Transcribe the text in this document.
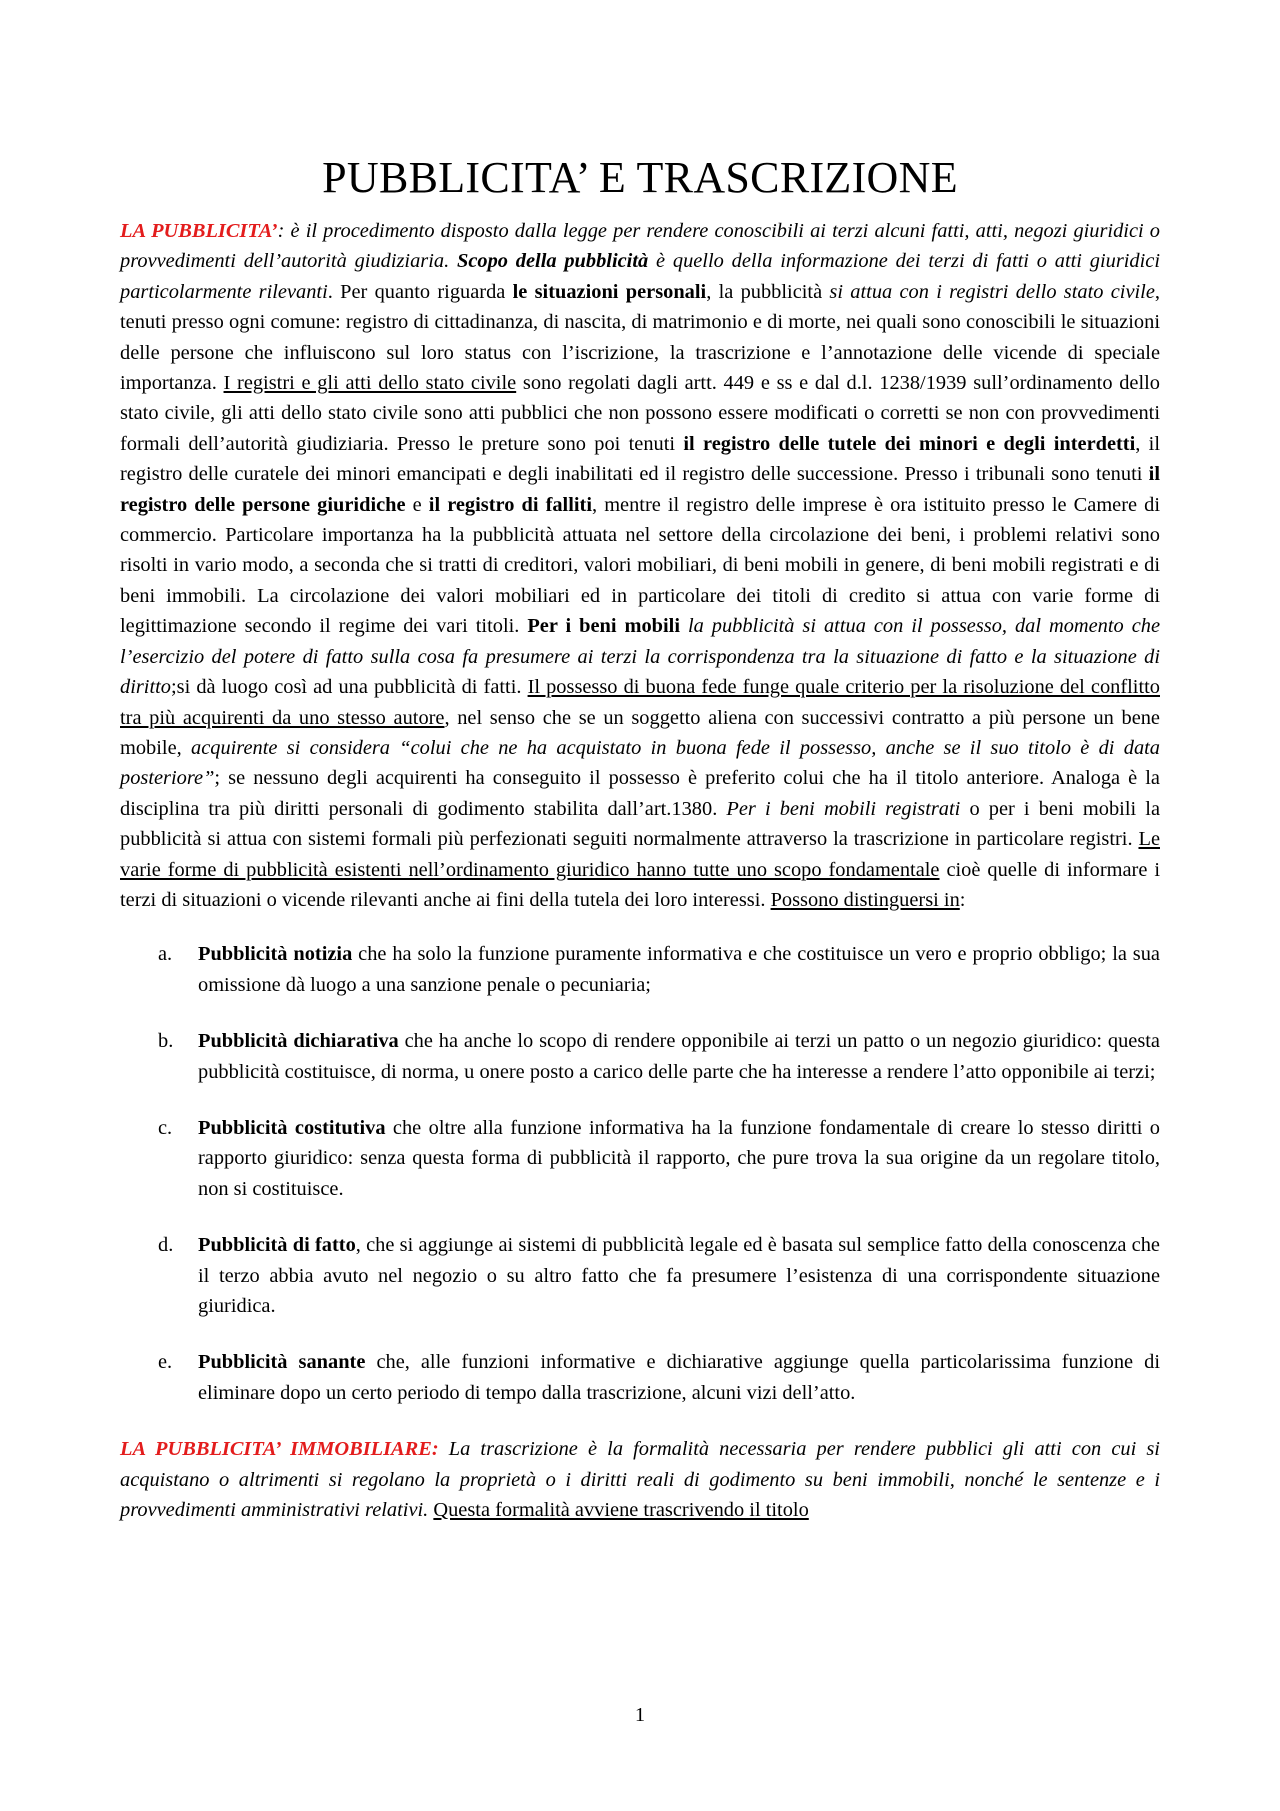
PUBBLICITA’ E TRASCRIZIONE

LA PUBBLICITA’: è il procedimento disposto dalla legge per rendere conoscibili ai terzi alcuni fatti, atti, negozi giuridici o provvedimenti dell’autorità giudiziaria. Scopo della pubblicità è quello della informazione dei terzi di fatti o atti giuridici particolarmente rilevanti. Per quanto riguarda le situazioni personali, la pubblicità si attua con i registri dello stato civile, tenuti presso ogni comune: registro di cittadinanza, di nascita, di matrimonio e di morte, nei quali sono conoscibili le situazioni delle persone che influiscono sul loro status con l’iscrizione, la trascrizione e l’annotazione delle vicende di speciale importanza. I registri e gli atti dello stato civile sono regolati dagli artt. 449 e ss e dal d.l. 1238/1939 sull’ordinamento dello stato civile, gli atti dello stato civile sono atti pubblici che non possono essere modificati o corretti se non con provvedimenti formali dell’autorità giudiziaria. Presso le preture sono poi tenuti il registro delle tutele dei minori e degli interdetti, il registro delle curatele dei minori emancipati e degli inabilitati ed il registro delle successione. Presso i tribunali sono tenuti il registro delle persone giuridiche e il registro di falliti, mentre il registro delle imprese è ora istituito presso le Camere di commercio. Particolare importanza ha la pubblicità attuata nel settore della circolazione dei beni, i problemi relativi sono risolti in vario modo, a seconda che si tratti di creditori, valori mobiliari, di beni mobili in genere, di beni mobili registrati e di beni immobili. La circolazione dei valori mobiliari ed in particolare dei titoli di credito si attua con varie forme di legittimazione secondo il regime dei vari titoli. Per i beni mobili la pubblicità si attua con il possesso, dal momento che l’esercizio del potere di fatto sulla cosa fa presumere ai terzi la corrispondenza tra la situazione di fatto e la situazione di diritto;si dà luogo così ad una pubblicità di fatti. Il possesso di buona fede funge quale criterio per la risoluzione del conflitto tra più acquirenti da uno stesso autore, nel senso che se un soggetto aliena con successivi contratto a più persone un bene mobile, acquirente si considera “colui che ne ha acquistato in buona fede il possesso, anche se il suo titolo è di data posteriore”; se nessuno degli acquirenti ha conseguito il possesso è preferito colui che ha il titolo anteriore. Analoga è la disciplina tra più diritti personali di godimento stabilita dall’art.1380. Per i beni mobili registrati o per i beni mobili la pubblicità si attua con sistemi formali più perfezionati seguiti normalmente attraverso la trascrizione in particolare registri. Le varie forme di pubblicità esistenti nell’ordinamento giuridico hanno tutte uno scopo fondamentale cioè quelle di informare i terzi di situazioni o vicende rilevanti anche ai fini della tutela dei loro interessi. Possono distinguersi in:

a. Pubblicità notizia che ha solo la funzione puramente informativa e che costituisce un vero e proprio obbligo; la sua omissione dà luogo a una sanzione penale o pecuniaria;
b. Pubblicità dichiarativa che ha anche lo scopo di rendere opponibile ai terzi un patto o un negozio giuridico: questa pubblicità costituisce, di norma, u onere posto a carico delle parte che ha interesse a rendere l’atto opponibile ai terzi;
c. Pubblicità costitutiva che oltre alla funzione informativa ha la funzione fondamentale di creare lo stesso diritti o rapporto giuridico: senza questa forma di pubblicità il rapporto, che pure trova la sua origine da un regolare titolo, non si costituisce.
d. Pubblicità di fatto, che si aggiunge ai sistemi di pubblicità legale ed è basata sul semplice fatto della conoscenza che il terzo abbia avuto nel negozio o su altro fatto che fa presumere l’esistenza di una corrispondente situazione giuridica.
e. Pubblicità sanante che, alle funzioni informative e dichiarative aggiunge quella particolarissima funzione di eliminare dopo un certo periodo di tempo dalla trascrizione, alcuni vizi dell’atto.

LA PUBBLICITA’ IMMOBILIARE: La trascrizione è la formalità necessaria per rendere pubblici gli atti con cui si acquistano o altrimenti si regolano la proprietà o i diritti reali di godimento su beni immobili, nonché le sentenze e i provvedimenti amministrativi relativi. Questa formalità avviene trascrivendo il titolo

1
